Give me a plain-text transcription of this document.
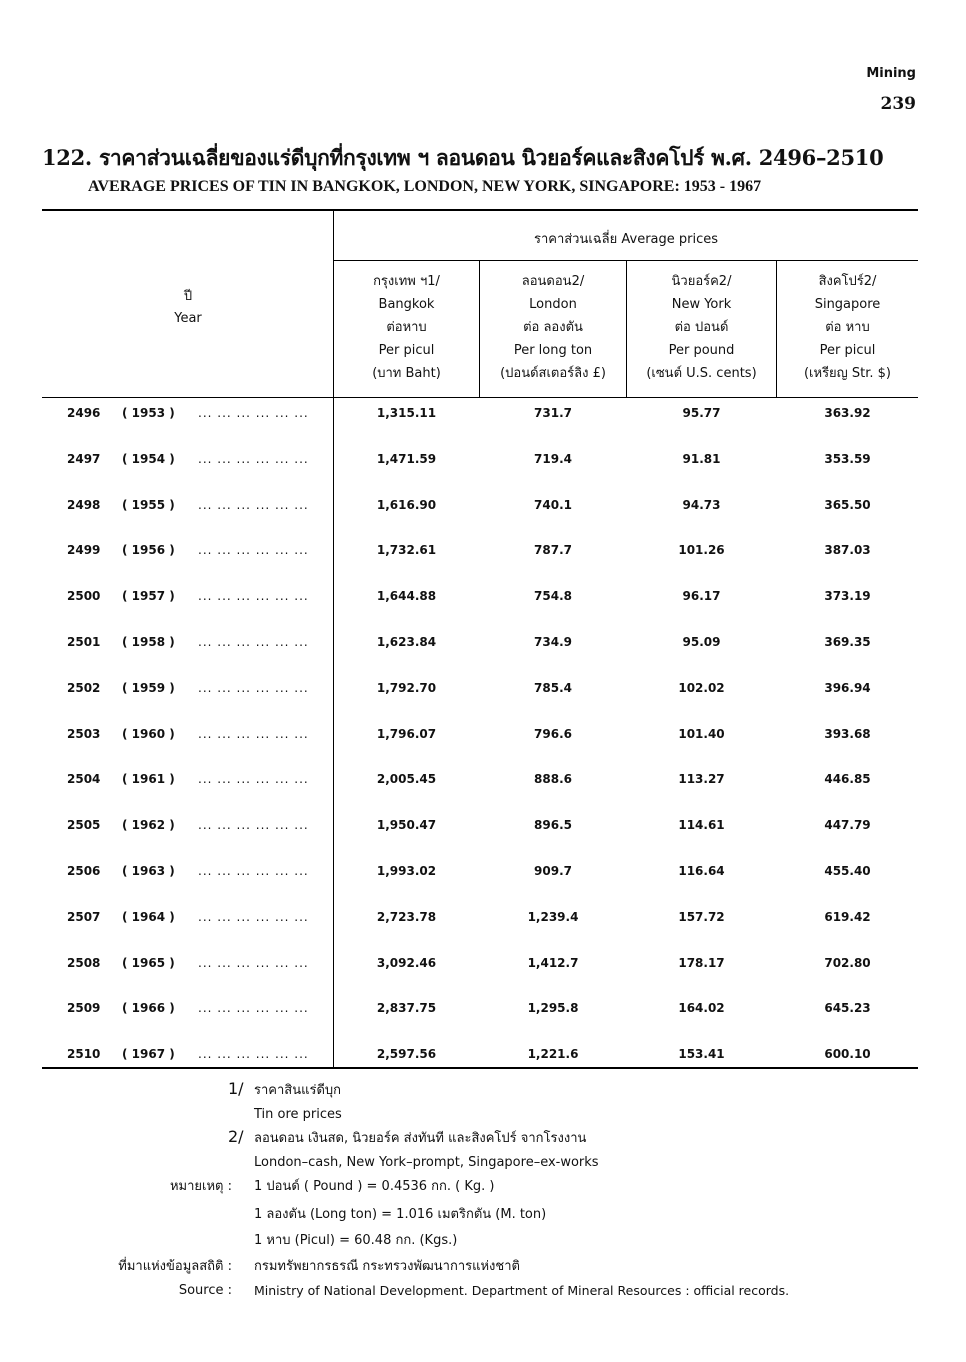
Mining
239
122. ราคาส่วนเฉลี่ยของแร่ดีบุกที่กรุงเทพ ฯ ลอนดอน นิวยอร์คและสิงคโปร์ พ.ศ. 2496–2510
AVERAGE PRICES OF TIN IN BANGKOK, LONDON, NEW YORK, SINGAPORE: 1953 - 1967
ราคาส่วนเฉลี่ย Average prices
ปี
Year
กรุงเทพ ฯ1/
Bangkok
ต่อหาบ
Per picul
(บาท Baht)
ลอนดอน2/
London
ต่อ ลองตัน
Per long ton
(ปอนด์สเตอร์ลิง £)
นิวยอร์ค2/
New York
ต่อ ปอนด์
Per pound
(เซนต์ U.S. cents)
สิงคโปร์2/
Singapore
ต่อ หาบ
Per picul
(เหรียญ Str. $)
2496 ( 1953 ) ... ... ... ... ... ...	1,315.11	731.7	95.77	363.92
2497 ( 1954 ) ... ... ... ... ... ...	1,471.59	719.4	91.81	353.59
2498 ( 1955 ) ... ... ... ... ... ...	1,616.90	740.1	94.73	365.50
2499 ( 1956 ) ... ... ... ... ... ...	1,732.61	787.7	101.26	387.03
2500 ( 1957 ) ... ... ... ... ... ...	1,644.88	754.8	96.17	373.19
2501 ( 1958 ) ... ... ... ... ... ...	1,623.84	734.9	95.09	369.35
2502 ( 1959 ) ... ... ... ... ... ...	1,792.70	785.4	102.02	396.94
2503 ( 1960 ) ... ... ... ... ... ...	1,796.07	796.6	101.40	393.68
2504 ( 1961 ) ... ... ... ... ... ...	2,005.45	888.6	113.27	446.85
2505 ( 1962 ) ... ... ... ... ... ...	1,950.47	896.5	114.61	447.79
2506 ( 1963 ) ... ... ... ... ... ...	1,993.02	909.7	116.64	455.40
2507 ( 1964 ) ... ... ... ... ... ...	2,723.78	1,239.4	157.72	619.42
2508 ( 1965 ) ... ... ... ... ... ...	3,092.46	1,412.7	178.17	702.80
2509 ( 1966 ) ... ... ... ... ... ...	2,837.75	1,295.8	164.02	645.23
2510 ( 1967 ) ... ... ... ... ... ...	2,597.56	1,221.6	153.41	600.10
1/ ราคาสินแร่ดีบุก
Tin ore prices
2/ ลอนดอน เงินสด, นิวยอร์ค ส่งทันที และสิงคโปร์ จากโรงงาน
London–cash, New York–prompt, Singapore–ex-works
หมายเหตุ : 1 ปอนด์ ( Pound ) = 0.4536 กก. ( Kg. )
1 ลองตัน (Long ton) = 1.016 เมตริกตัน (M. ton)
1 หาบ (Picul) = 60.48 กก. (Kgs.)
ที่มาแห่งข้อมูลสถิติ : กรมทรัพยากรธรณี กระทรวงพัฒนาการแห่งชาติ
Source : Ministry of National Development. Department of Mineral Resources : official records.
